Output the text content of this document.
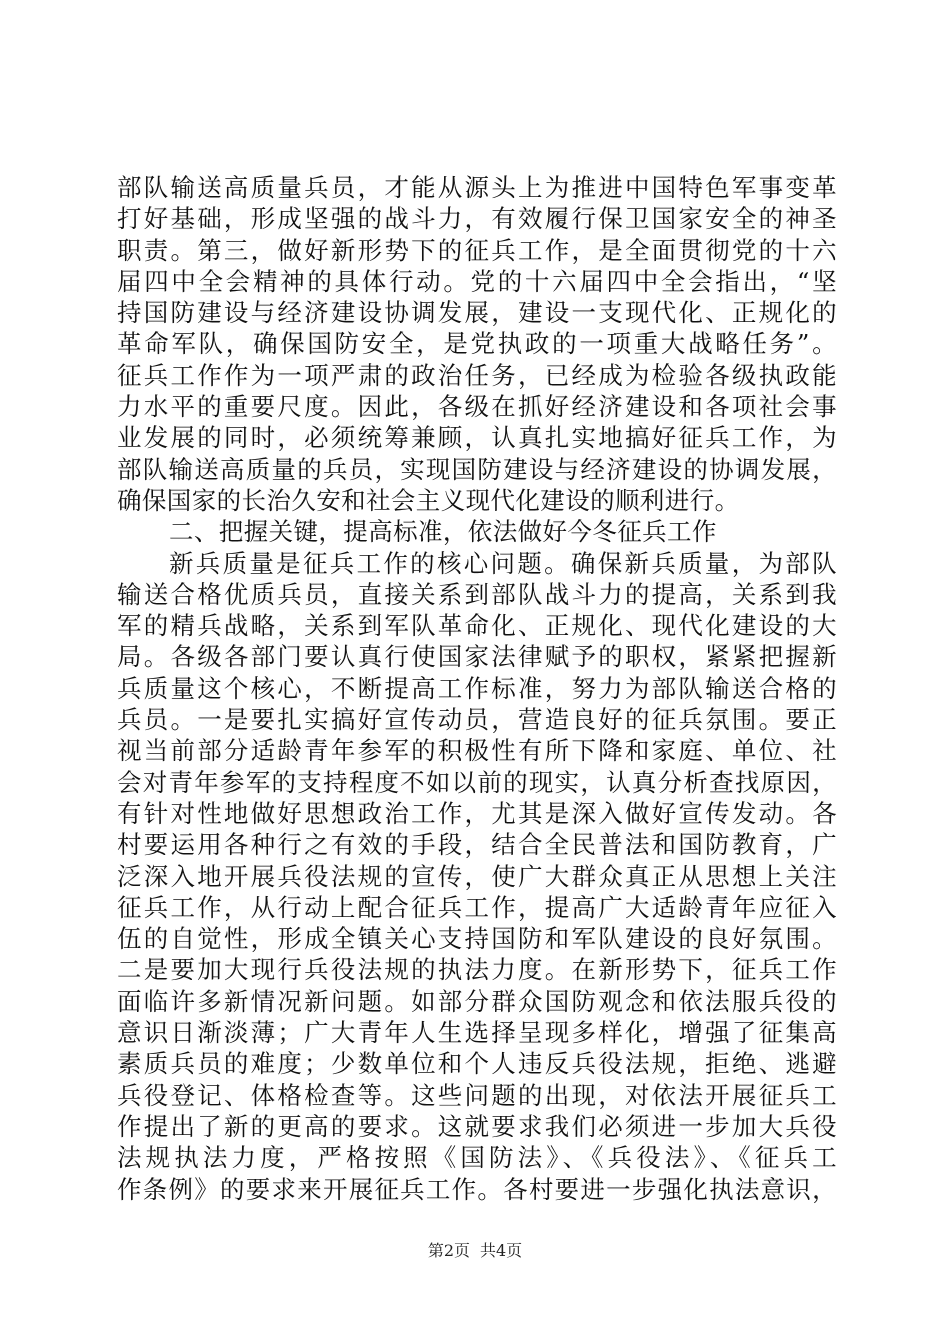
部队输送高质量兵员，才能从源头上为推进中国特色军事变革
打好基础，形成坚强的战斗力，有效履行保卫国家安全的神圣
职责。第三，做好新形势下的征兵工作，是全面贯彻党的十六
届四中全会精神的具体行动。党的十六届四中全会指出，“坚
持国防建设与经济建设协调发展，建设一支现代化、正规化的
革命军队，确保国防安全，是党执政的一项重大战略任务”。
征兵工作作为一项严肃的政治任务，已经成为检验各级执政能
力水平的重要尺度。因此，各级在抓好经济建设和各项社会事
业发展的同时，必须统筹兼顾，认真扎实地搞好征兵工作，为
部队输送高质量的兵员，实现国防建设与经济建设的协调发展，
确保国家的长治久安和社会主义现代化建设的顺利进行。
二、把握关键，提高标准，依法做好今冬征兵工作
新兵质量是征兵工作的核心问题。确保新兵质量，为部队
输送合格优质兵员，直接关系到部队战斗力的提高，关系到我
军的精兵战略，关系到军队革命化、正规化、现代化建设的大
局。各级各部门要认真行使国家法律赋予的职权，紧紧把握新
兵质量这个核心，不断提高工作标准，努力为部队输送合格的
兵员。一是要扎实搞好宣传动员，营造良好的征兵氛围。要正
视当前部分适龄青年参军的积极性有所下降和家庭、单位、社
会对青年参军的支持程度不如以前的现实，认真分析查找原因，
有针对性地做好思想政治工作，尤其是深入做好宣传发动。各
村要运用各种行之有效的手段，结合全民普法和国防教育，广
泛深入地开展兵役法规的宣传，使广大群众真正从思想上关注
征兵工作，从行动上配合征兵工作，提高广大适龄青年应征入
伍的自觉性，形成全镇关心支持国防和军队建设的良好氛围。
二是要加大现行兵役法规的执法力度。在新形势下，征兵工作
面临许多新情况新问题。如部分群众国防观念和依法服兵役的
意识日渐淡薄；广大青年人生选择呈现多样化，增强了征集高
素质兵员的难度；少数单位和个人违反兵役法规，拒绝、逃避
兵役登记、体格检查等。这些问题的出现，对依法开展征兵工
作提出了新的更高的要求。这就要求我们必须进一步加大兵役
法规执法力度，严格按照《国防法》、《兵役法》、《征兵工
作条例》的要求来开展征兵工作。各村要进一步强化执法意识，
第2页 共4页
